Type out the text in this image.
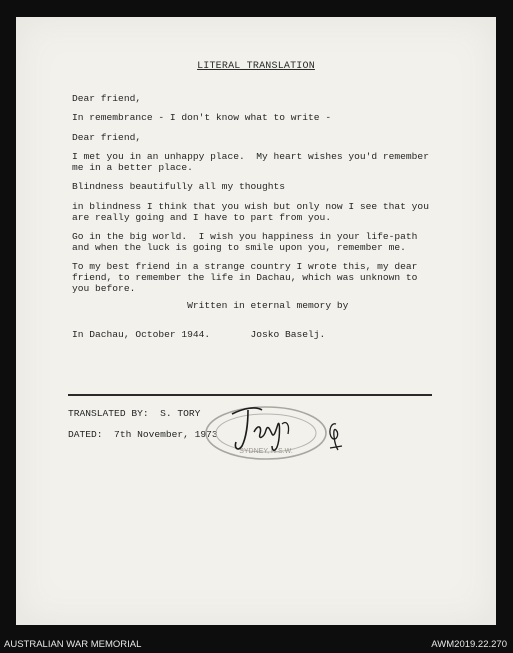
LITERAL TRANSLATION
Dear friend,
In remembrance - I don't know what to write -
Dear friend,
I met you in an unhappy place.  My heart wishes you'd remember
me in a better place.
Blindness beautifully all my thoughts
in blindness I think that you wish but only now I see that you
are really going and I have to part from you.
Go in the big world.  I wish you happiness in your life-path
and when the luck is going to smile upon you, remember me.
To my best friend in a strange country I wrote this, my dear
friend, to remember the life in Dachau, which was unknown to
you before.
Written in eternal memory by
In Dachau, October 1944.       Josko Baselj.
TRANSLATED BY:  S. TORY
DATED:  7th November, 1973
SYDNEY, N.S.W.
AUSTRALIAN WAR MEMORIAL	AWM2019.22.270
